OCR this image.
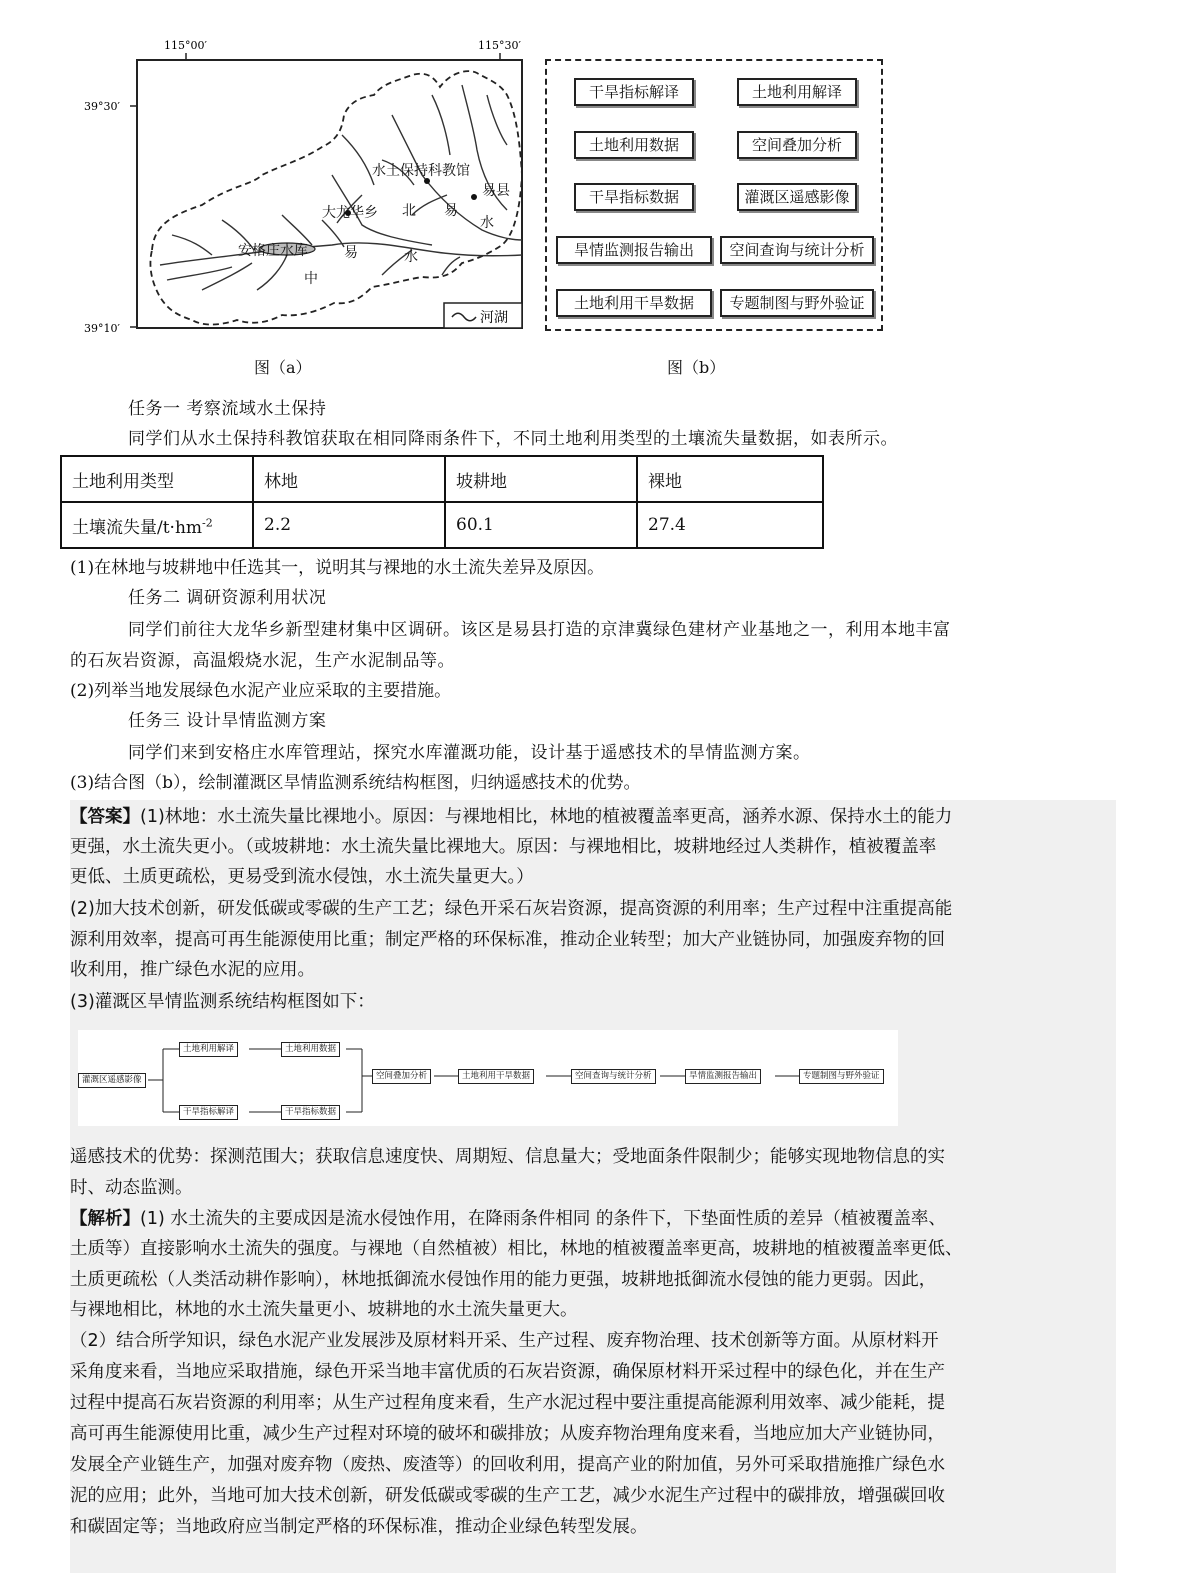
115°00′	115°30′
39°30′
39°10′
水土保持科教馆
易县
大龙华乡 北 易
水
安格庄水库
中
易	水
河湖
图（a）
干旱指标解译	土地利用解译
土地利用数据	空间叠加分析
干旱指标数据	灌溉区遥感影像
旱情监测报告输出	空间查询与统计分析
土地利用干旱数据	专题制图与野外验证
图（b）
任务一 考察流域水土保持
同学们从水土保持科教馆获取在相同降雨条件下，不同土地利用类型的土壤流失量数据，如表所示。
土地利用类型	林地	坡耕地	裸地
土壤流失量$/t\cdot hm^{-2}$	2.2	60.1	27.4
(1)在林地与坡耕地中任选其一，说明其与裸地的水土流失差异及原因。
任务二 调研资源利用状况
同学们前往大龙华乡新型建材集中区调研。该区是易县打造的京津冀绿色建材产业基地之一，利用本地丰富
的石灰岩资源，高温煅烧水泥，生产水泥制品等。
(2)列举当地发展绿色水泥产业应采取的主要措施。
任务三 设计旱情监测方案
同学们来到安格庄水库管理站，探究水库灌溉功能，设计基于遥感技术的旱情监测方案。
(3)结合图（b），绘制灌溉区旱情监测系统结构框图，归纳遥感技术的优势。
【答案】(1)林地：水土流失量比裸地小。原因：与裸地相比，林地的植被覆盖率更高，涵养水源、保持水土的能力
更强，水土流失更小。（或坡耕地：水土流失量比裸地大。原因：与裸地相比，坡耕地经过人类耕作，植被覆盖率
更低、土质更疏松，更易受到流水侵蚀，水土流失量更大。）
(2)加大技术创新，研发低碳或零碳的生产工艺；绿色开采石灰岩资源，提高资源的利用率；生产过程中注重提高能
源利用效率，提高可再生能源使用比重；制定严格的环保标准，推动企业转型；加大产业链协同，加强废弃物的回
收利用，推广绿色水泥的应用。
(3)灌溉区旱情监测系统结构框图如下：
灌溉区遥感影像
土地利用解译	土地利用数据
干旱指标解译	干旱指标数据
空间叠加分析	土地利用干旱数据	空间查询与统计分析	旱情监测报告输出	专题制图与野外验证
遥感技术的优势：探测范围大；获取信息速度快、周期短、信息量大；受地面条件限制少；能够实现地物信息的实
时、动态监测。
【解析】(1) 水土流失的主要成因是流水侵蚀作用，在降雨条件相同 的条件下，下垫面性质的差异（植被覆盖率、
土质等）直接影响水土流失的强度。与裸地（自然植被）相比，林地的植被覆盖率更高，坡耕地的植被覆盖率更低、
土质更疏松（人类活动耕作影响），林地抵御流水侵蚀作用的能力更强，坡耕地抵御流水侵蚀的能力更弱。因此，
与裸地相比，林地的水土流失量更小、坡耕地的水土流失量更大。
（2）结合所学知识，绿色水泥产业发展涉及原材料开采、生产过程、废弃物治理、技术创新等方面。从原材料开
采角度来看，当地应采取措施，绿色开采当地丰富优质的石灰岩资源，确保原材料开采过程中的绿色化，并在生产
过程中提高石灰岩资源的利用率；从生产过程角度来看，生产水泥过程中要注重提高能源利用效率、减少能耗，提
高可再生能源使用比重，减少生产过程对环境的破坏和碳排放；从废弃物治理角度来看，当地应加大产业链协同，
发展全产业链生产，加强对废弃物（废热、废渣等）的回收利用，提高产业的附加值，另外可采取措施推广绿色水
泥的应用；此外，当地可加大技术创新，研发低碳或零碳的生产工艺，减少水泥生产过程中的碳排放，增强碳回收
和碳固定等；当地政府应当制定严格的环保标准，推动企业绿色转型发展。
